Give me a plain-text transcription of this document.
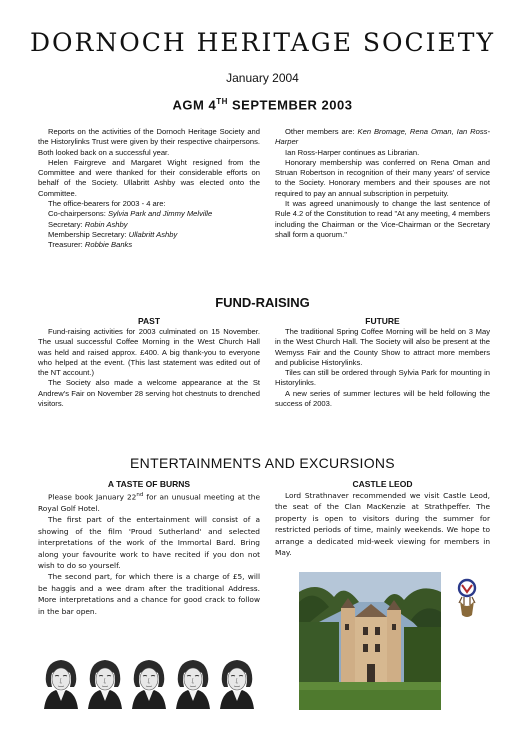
DORNOCH HERITAGE SOCIETY
January 2004
AGM 4TH SEPTEMBER 2003

Reports on the activities of the Dornoch Heritage Society and the Historylinks Trust were given by their respective chairpersons. Both looked back on a successful year.

Helen Fairgreve and Margaret Wight resigned from the Committee and were thanked for their considerable efforts on behalf of the Society. Ullabritt Ashby was elected onto the Committee.

The office-bearers for 2003 - 4 are:

Co-chairpersons: Sylvia Park and Jimmy Melville

Secretary: Robin Ashby

Membership Secretary: Ullabritt Ashby

Treasurer: Robbie Banks

Other members are: Ken Bromage, Rena Oman, Ian Ross-Harper

Ian Ross-Harper continues as Librarian.

Honorary membership was conferred on Rena Oman and Struan Robertson in recognition of their many years' of service to the Society. Honorary members and their spouses are not required to pay an annual subscription in perpetuity.

It was agreed unanimously to change the last sentence of Rule 4.2 of the Constitution to read "At any meeting, 4 members including the Chairman or the Vice-Chairman or the Secretary shall form a quorum."

FUND-RAISING
PAST

Fund-raising activities for 2003 culminated on 15 November. The usual successful Coffee Morning in the West Church Hall was held and raised approx. £400. A big thank-you to everyone who helped at the event. (This last statement was edited out of the NT account.)

The Society also made a welcome appearance at the St Andrew's Fair on November 28 serving hot chestnuts to drenched visitors.

FUTURE

The traditional Spring Coffee Morning will be held on 3 May in the West Church Hall. The Society will also be present at the Wemyss Fair and the County Show to attract more members and publicise Historylinks.

Tiles can still be ordered through Sylvia Park for mounting in Historylinks.

A new series of summer lectures will be held following the success of 2003.

ENTERTAINMENTS AND EXCURSIONS
A TASTE OF BURNS

Please book January 22nd for an unusual meeting at the Royal Golf Hotel.

The first part of the entertainment will consist of a showing of the film 'Proud Sutherland' and selected interpretations of the work of the Immortal Bard. Bring along your favourite work to have recited if you don not wish to do so yourself.

The second part, for which there is a charge of £5, will be haggis and a wee dram after the traditional Address. More interpretations and a chance for good crack to follow in the bar open.

CASTLE LEOD

Lord Strathnaver recommended we visit Castle Leod, the seat of the Clan MacKenzie at Strathpeffer. The property is open to visitors during the summer for restricted periods of time, mainly weekends. We hope to arrange a dedicated mid-week viewing for members in May.
